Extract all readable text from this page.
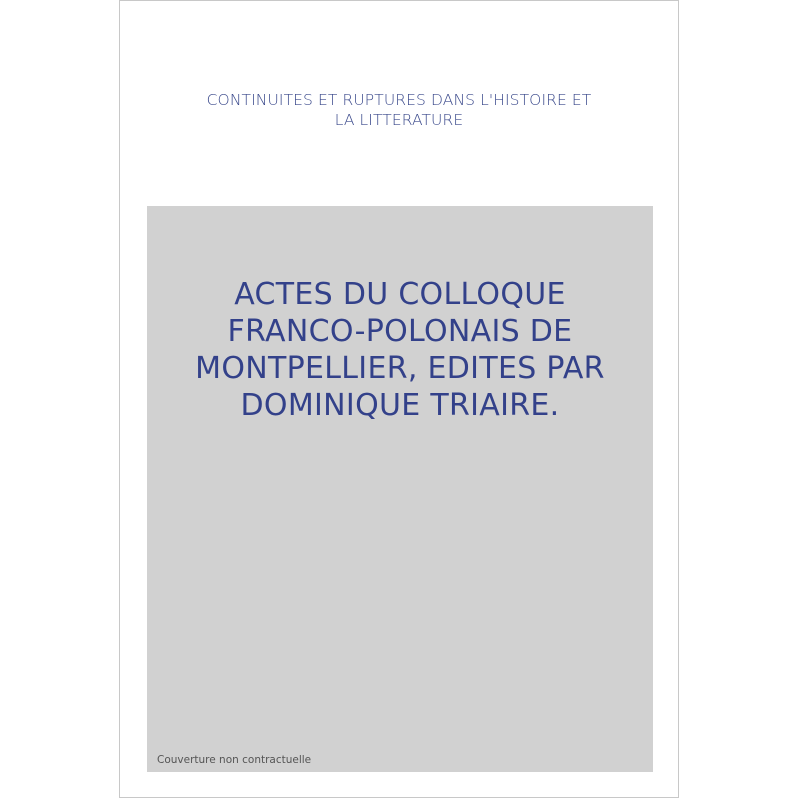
CONTINUITES ET RUPTURES DANS L'HISTOIRE ET
LA LITTERATURE
ACTES DU COLLOQUE
FRANCO-POLONAIS DE
MONTPELLIER, EDITES PAR
DOMINIQUE TRIAIRE.
Couverture non contractuelle
